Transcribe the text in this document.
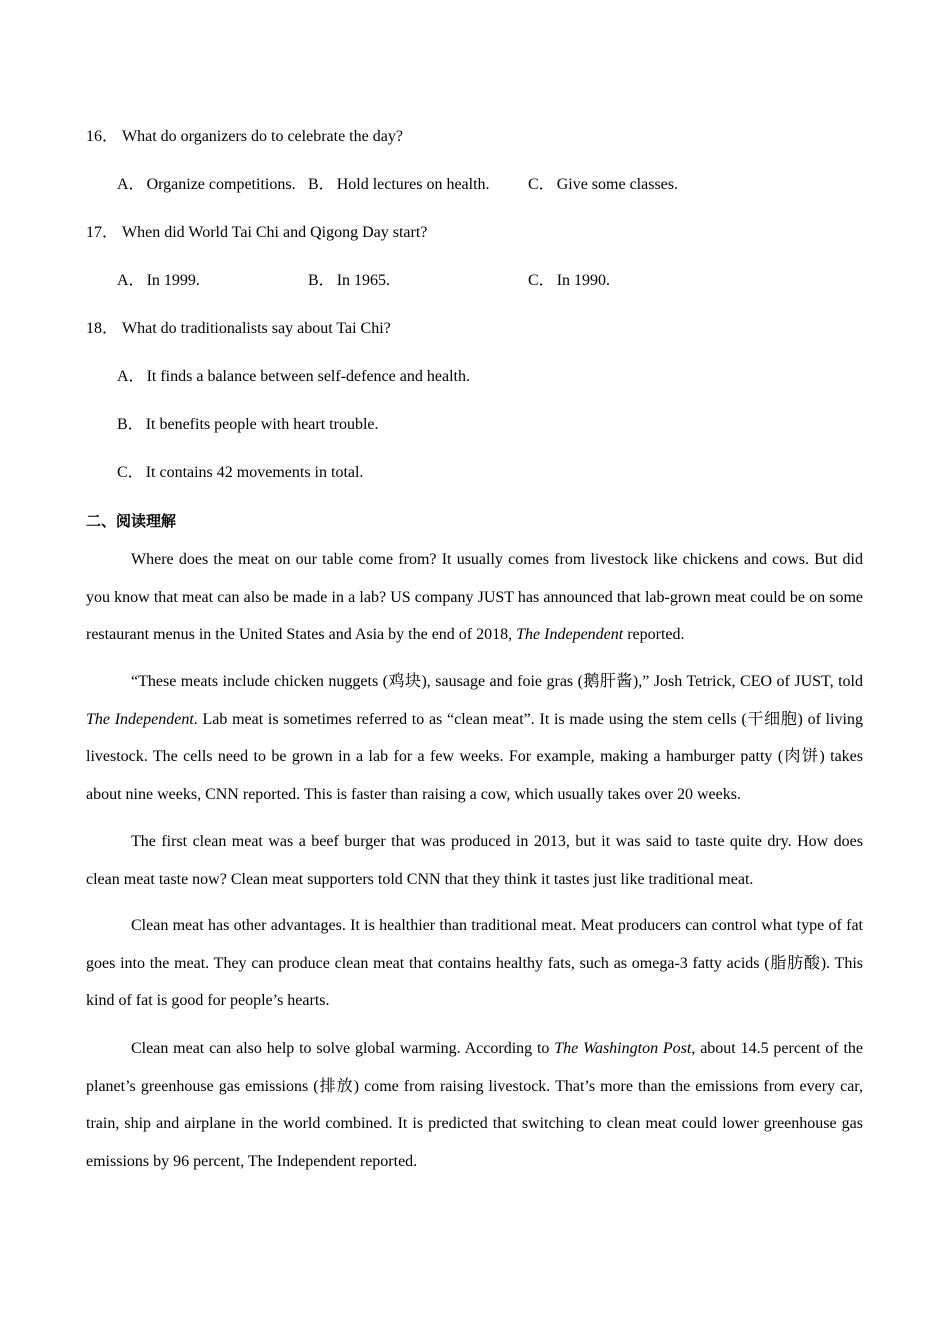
16． What do organizers do to celebrate the day?
A． Organize competitions. B． Hold lectures on health. C． Give some classes.
17． When did World Tai Chi and Qigong Day start?
A． In 1999.	B． In 1965.	C． In 1990.
18． What do traditionalists say about Tai Chi?
A． It finds a balance between self-defence and health.
B． It benefits people with heart trouble.
C． It contains 42 movements in total.
二、阅读理解
Where does the meat on our table come from? It usually comes from livestock like chickens and cows. But did you know that meat can also be made in a lab? US company JUST has announced that lab-grown meat could be on some restaurant menus in the United States and Asia by the end of 2018, The Independent reported.
“These meats include chicken nuggets (鸡块), sausage and foie gras (鹅肝酱),” Josh Tetrick, CEO of JUST, told The Independent. Lab meat is sometimes referred to as “clean meat”. It is made using the stem cells (干细胞) of living livestock. The cells need to be grown in a lab for a few weeks. For example, making a hamburger patty (肉饼) takes about nine weeks, CNN reported. This is faster than raising a cow, which usually takes over 20 weeks.
The first clean meat was a beef burger that was produced in 2013, but it was said to taste quite dry. How does clean meat taste now? Clean meat supporters told CNN that they think it tastes just like traditional meat.
Clean meat has other advantages. It is healthier than traditional meat. Meat producers can control what type of fat goes into the meat. They can produce clean meat that contains healthy fats, such as omega-3 fatty acids (脂肪酸). This kind of fat is good for people’s hearts.
Clean meat can also help to solve global warming. According to The Washington Post, about 14.5 percent of the planet’s greenhouse gas emissions (排放) come from raising livestock. That’s more than the emissions from every car, train, ship and airplane in the world combined. It is predicted that switching to clean meat could lower greenhouse gas emissions by 96 percent, The Independent reported.
